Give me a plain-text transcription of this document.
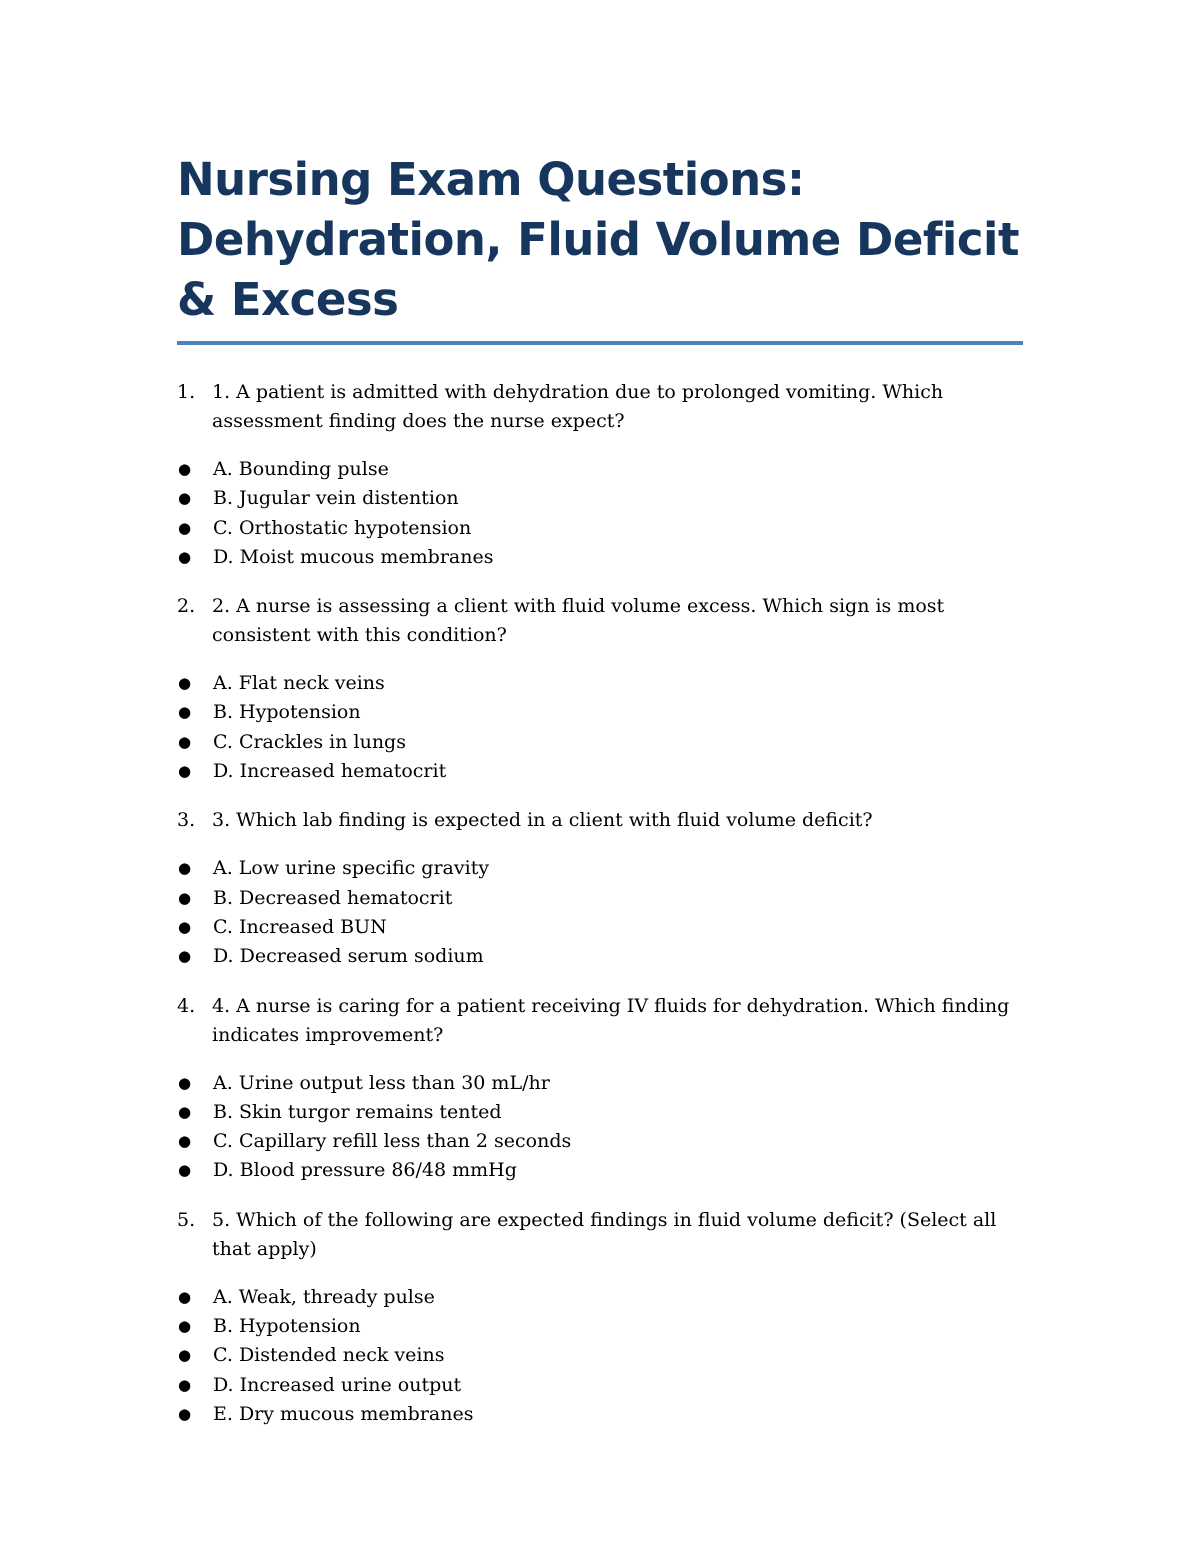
Nursing Exam Questions: Dehydration, Fluid Volume Deficit & Excess
1. 1. A patient is admitted with dehydration due to prolonged vomiting. Which assessment finding does the nurse expect?
●	A. Bounding pulse
●	B. Jugular vein distention
●	C. Orthostatic hypotension
●	D. Moist mucous membranes
2. 2. A nurse is assessing a client with fluid volume excess. Which sign is most consistent with this condition?
●	A. Flat neck veins
●	B. Hypotension
●	C. Crackles in lungs
●	D. Increased hematocrit
3. 3. Which lab finding is expected in a client with fluid volume deficit?
●	A. Low urine specific gravity
●	B. Decreased hematocrit
●	C. Increased BUN
●	D. Decreased serum sodium
4. 4. A nurse is caring for a patient receiving IV fluids for dehydration. Which finding indicates improvement?
●	A. Urine output less than 30 mL/hr
●	B. Skin turgor remains tented
●	C. Capillary refill less than 2 seconds
●	D. Blood pressure 86/48 mmHg
5. 5. Which of the following are expected findings in fluid volume deficit? (Select all that apply)
●	A. Weak, thready pulse
●	B. Hypotension
●	C. Distended neck veins
●	D. Increased urine output
●	E. Dry mucous membranes
